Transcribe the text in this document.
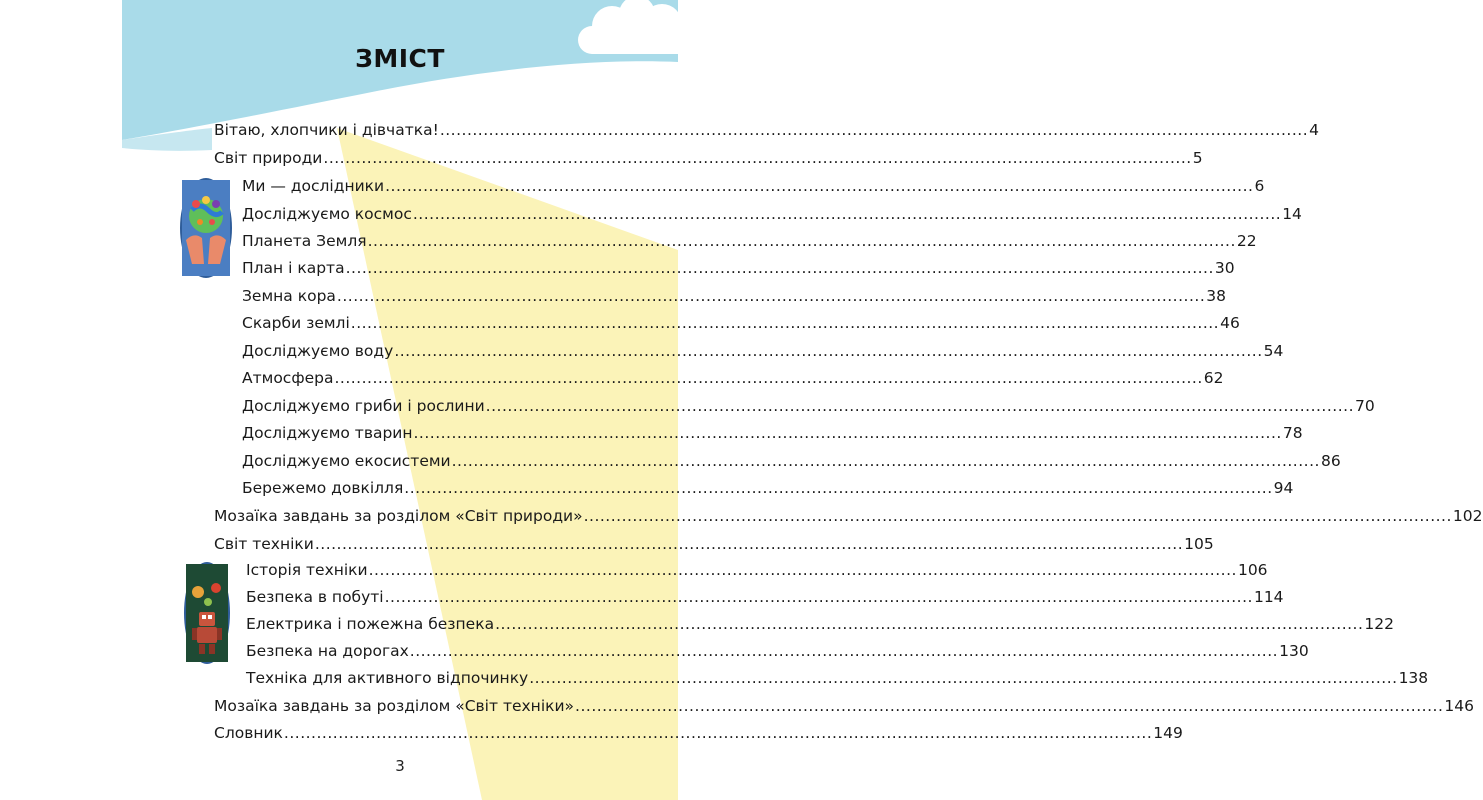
ЗМІСТ
Вітаю, хлопчики і дівчатка! ................................................................................................................................................................ 4
Світ природи ................................................................................................................................................................ 5
Ми — дослідники ................................................................................................................................................................ 6
Досліджуємо космос ................................................................................................................................................................ 14
Планета Земля ................................................................................................................................................................ 22
План і карта ................................................................................................................................................................ 30
Земна кора ................................................................................................................................................................ 38
Скарби землі ................................................................................................................................................................ 46
Досліджуємо воду ................................................................................................................................................................ 54
Атмосфера ................................................................................................................................................................ 62
Досліджуємо гриби і рослини ................................................................................................................................................................ 70
Досліджуємо тварин ................................................................................................................................................................ 78
Досліджуємо екосистеми ................................................................................................................................................................ 86
Бережемо довкілля ................................................................................................................................................................ 94
Мозаїка завдань за розділом «Світ природи» ................................................................................................................................................................ 102
Світ техніки ................................................................................................................................................................ 105
Історія техніки ................................................................................................................................................................ 106
Безпека в побуті ................................................................................................................................................................ 114
Електрика і пожежна безпека ................................................................................................................................................................ 122
Безпека на дорогах ................................................................................................................................................................ 130
Техніка для активного відпочинку ................................................................................................................................................................ 138
Мозаїка завдань за розділом «Світ техніки» ................................................................................................................................................................ 146
Словник ................................................................................................................................................................ 149
3
